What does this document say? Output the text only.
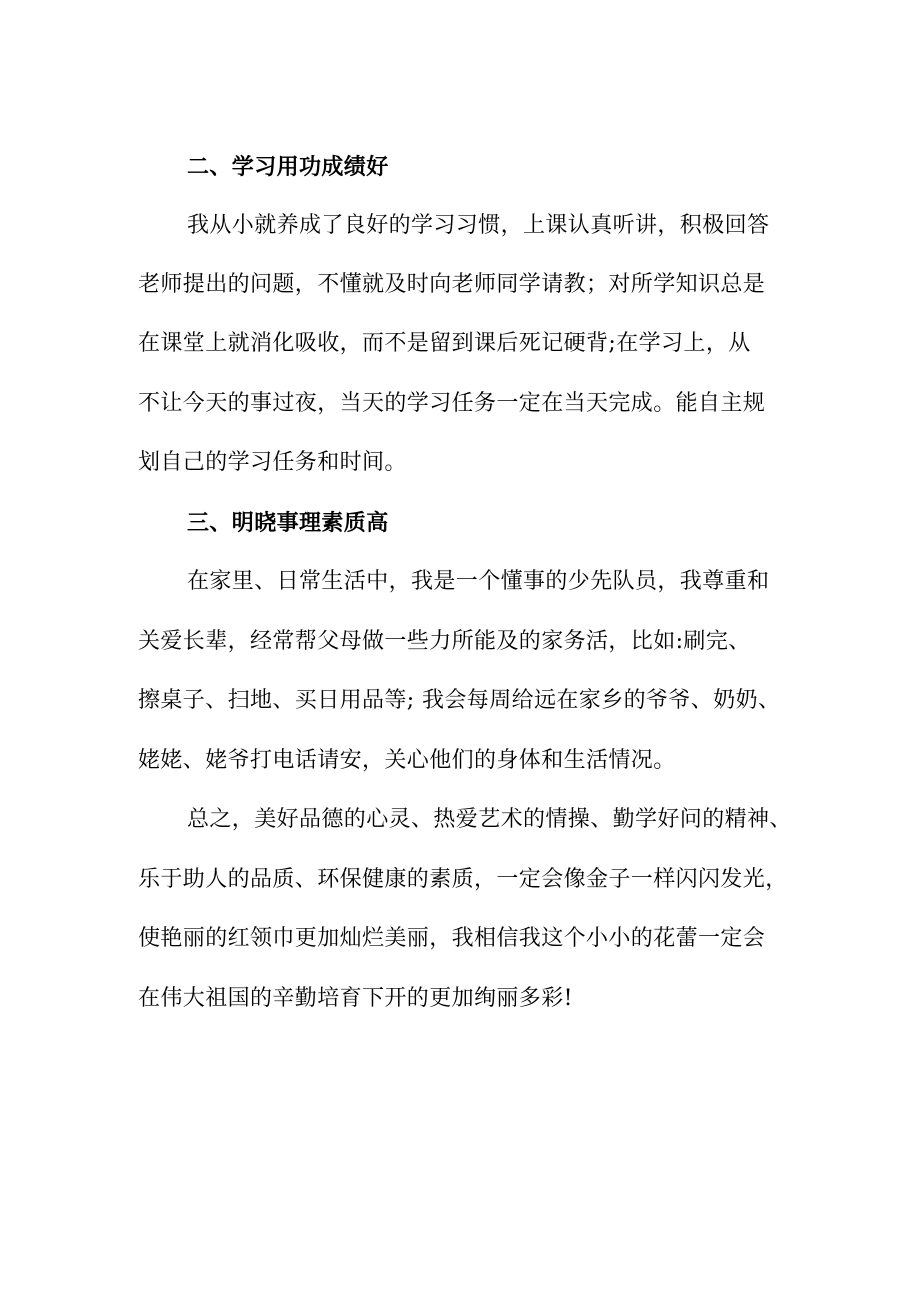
二、学习用功成绩好
我从小就养成了良好的学习习惯，上课认真听讲，积极回答
老师提出的问题，不懂就及时向老师同学请教；对所学知识总是
在课堂上就消化吸收，而不是留到课后死记硬背;在学习上，从
不让今天的事过夜，当天的学习任务一定在当天完成。能自主规
划自己的学习任务和时间。
三、明晓事理素质高
在家里、日常生活中，我是一个懂事的少先队员，我尊重和
关爱长辈，经常帮父母做一些力所能及的家务活，比如:刷完、
擦桌子、扫地、买日用品等; 我会每周给远在家乡的爷爷、奶奶、
姥姥、姥爷打电话请安，关心他们的身体和生活情况。
总之，美好品德的心灵、热爱艺术的情操、勤学好问的精神、
乐于助人的品质、环保健康的素质，一定会像金子一样闪闪发光，
使艳丽的红领巾更加灿烂美丽，我相信我这个小小的花蕾一定会
在伟大祖国的辛勤培育下开的更加绚丽多彩!
